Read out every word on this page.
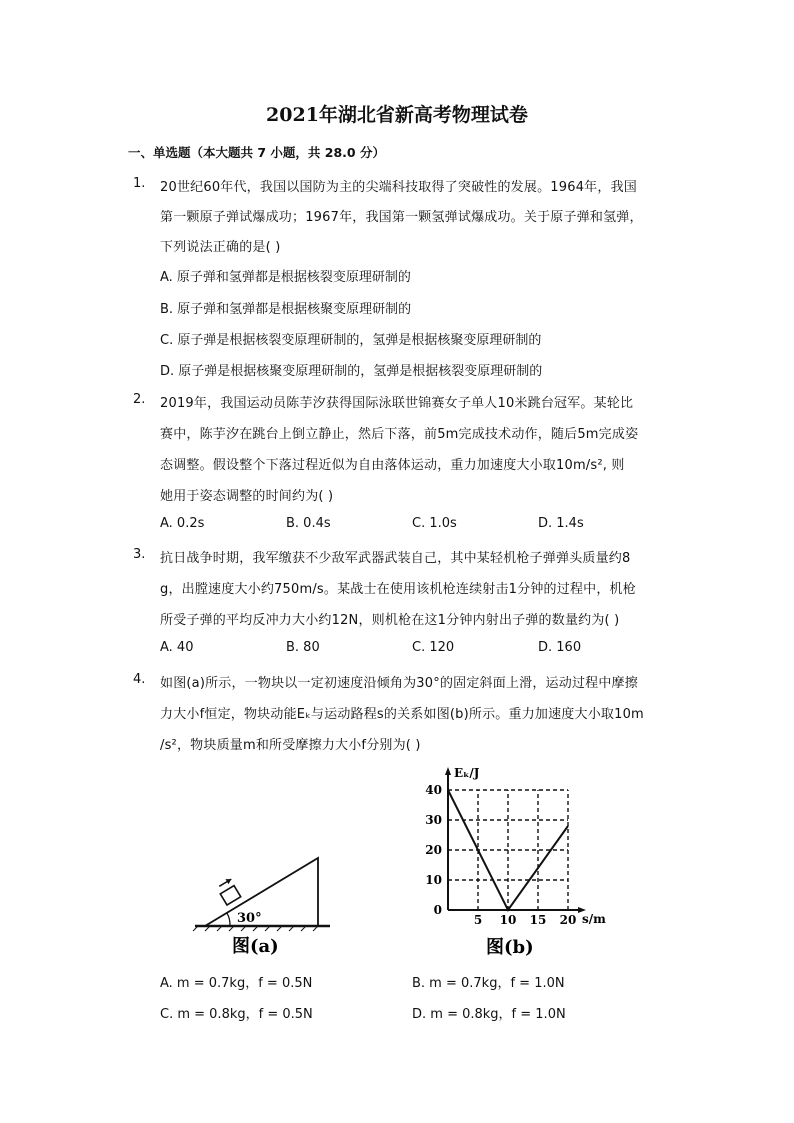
2021年湖北省新高考物理试卷
一、单选题（本大题共 7 小题，共 28.0 分）
1. 20世纪60年代，我国以国防为主的尖端科技取得了突破性的发展。1964年，我国
第一颗原子弹试爆成功；1967年，我国第一颗氢弹试爆成功。关于原子弹和氢弹，
下列说法正确的是( )
A. 原子弹和氢弹都是根据核裂变原理研制的
B. 原子弹和氢弹都是根据核聚变原理研制的
C. 原子弹是根据核裂变原理研制的，氢弹是根据核聚变原理研制的
D. 原子弹是根据核聚变原理研制的，氢弹是根据核裂变原理研制的
2. 2019年，我国运动员陈芋汐获得国际泳联世锦赛女子单人10米跳台冠军。某轮比
赛中，陈芋汐在跳台上倒立静止，然后下落，前5m完成技术动作，随后5m完成姿
态调整。假设整个下落过程近似为自由落体运动，重力加速度大小取10m/s², 则
她用于姿态调整的时间约为( )
A. 0.2s	B. 0.4s	C. 1.0s	D. 1.4s
3. 抗日战争时期，我军缴获不少敌军武器武装自己，其中某轻机枪子弹弹头质量约8
g，出膛速度大小约750m/s。某战士在使用该机枪连续射击1分钟的过程中，机枪
所受子弹的平均反冲力大小约12N，则机枪在这1分钟内射出子弹的数量约为( )
A. 40	B. 80	C. 120	D. 160
4. 如图(a)所示，一物块以一定初速度沿倾角为30°的固定斜面上滑，运动过程中摩擦
力大小f恒定，物块动能Eₖ与运动路程s的关系如图(b)所示。重力加速度大小取10m
/s²，物块质量m和所受摩擦力大小f分别为( )
30°
图(a)
5 10 15 20
0
10
20
30
40
Eₖ/J
s/m
图(b)
A. m = 0.7kg，f = 0.5N	B. m = 0.7kg，f = 1.0N
C. m = 0.8kg，f = 0.5N	D. m = 0.8kg，f = 1.0N
